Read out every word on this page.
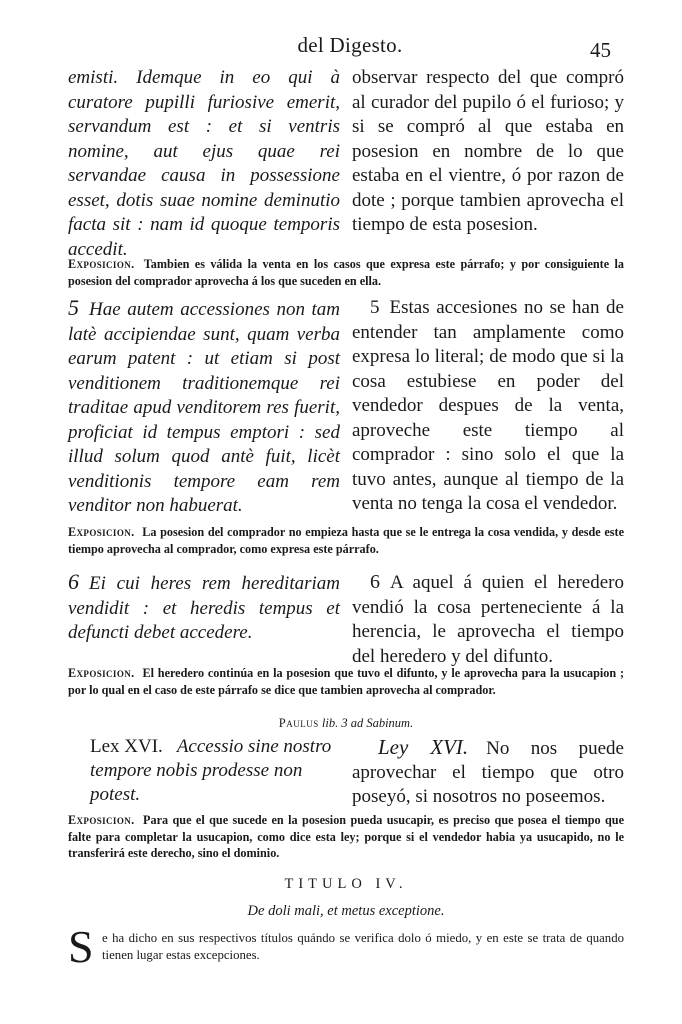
del Digesto.	45
emisti. Idemque in eo qui à curatore pupilli furiosive emerit, servandum est : et si ventris nomine, aut ejus quae rei servandae causa in possessione esset, dotis suae nomine deminutio facta sit : nam id quoque temporis accedit.
observar respecto del que compró al curador del pupilo ó el furioso; y si se compró al que estaba en posesion en nombre de lo que estaba en el vientre, ó por razon de dote ; porque tambien aprovecha el tiempo de esta posesion.
Exposicion. Tambien es válida la venta en los casos que expresa este párrafo; y por consiguiente la posesion del comprador aprovecha á los que suceden en ella.
5 Hae autem accessiones non tam latè accipiendae sunt, quam verba earum patent : ut etiam si post venditionem traditionemque rei traditae apud venditorem res fuerit, proficiat id tempus emptori : sed illud solum quod antè fuit, licèt venditionis tempore eam rem venditor non habuerat.
5 Estas accesiones no se han de entender tan amplamente como expresa lo literal; de modo que si la cosa estubiese en poder del vendedor despues de la venta, aproveche este tiempo al comprador : sino solo el que la tuvo antes, aunque al tiempo de la venta no tenga la cosa el vendedor.
Exposicion. La posesion del comprador no empieza hasta que se le entrega la cosa vendida, y desde este tiempo aprovecha al comprador, como expresa este párrafo.
6 Ei cui heres rem hereditariam vendidit : et heredis tempus et defuncti debet accedere.
6 A aquel á quien el heredero vendió la cosa perteneciente á la herencia, le aprovecha el tiempo del heredero y del difunto.
Exposicion. El heredero continúa en la posesion que tuvo el difunto, y le aprovecha para la usucapion ; por lo qual en el caso de este párrafo se dice que tambien aprovecha al comprador.
Paulus lib. 3 ad Sabinum.
Lex XVI. Accessio sine nostro tempore nobis prodesse non potest.
Ley XVI. No nos puede aprovechar el tiempo que otro poseyó, si nosotros no poseemos.
Exposicion. Para que el que sucede en la posesion pueda usucapir, es preciso que posea el tiempo que falte para completar la usucapion, como dice esta ley; porque si el vendedor habia ya usucapido, no le transferirá este derecho, sino el dominio.
TITULO IV.
De doli mali, et metus exceptione.
S e ha dicho en sus respectivos títulos quándo se verifica dolo ó miedo, y en este se trata de quando tienen lugar estas excepciones.
